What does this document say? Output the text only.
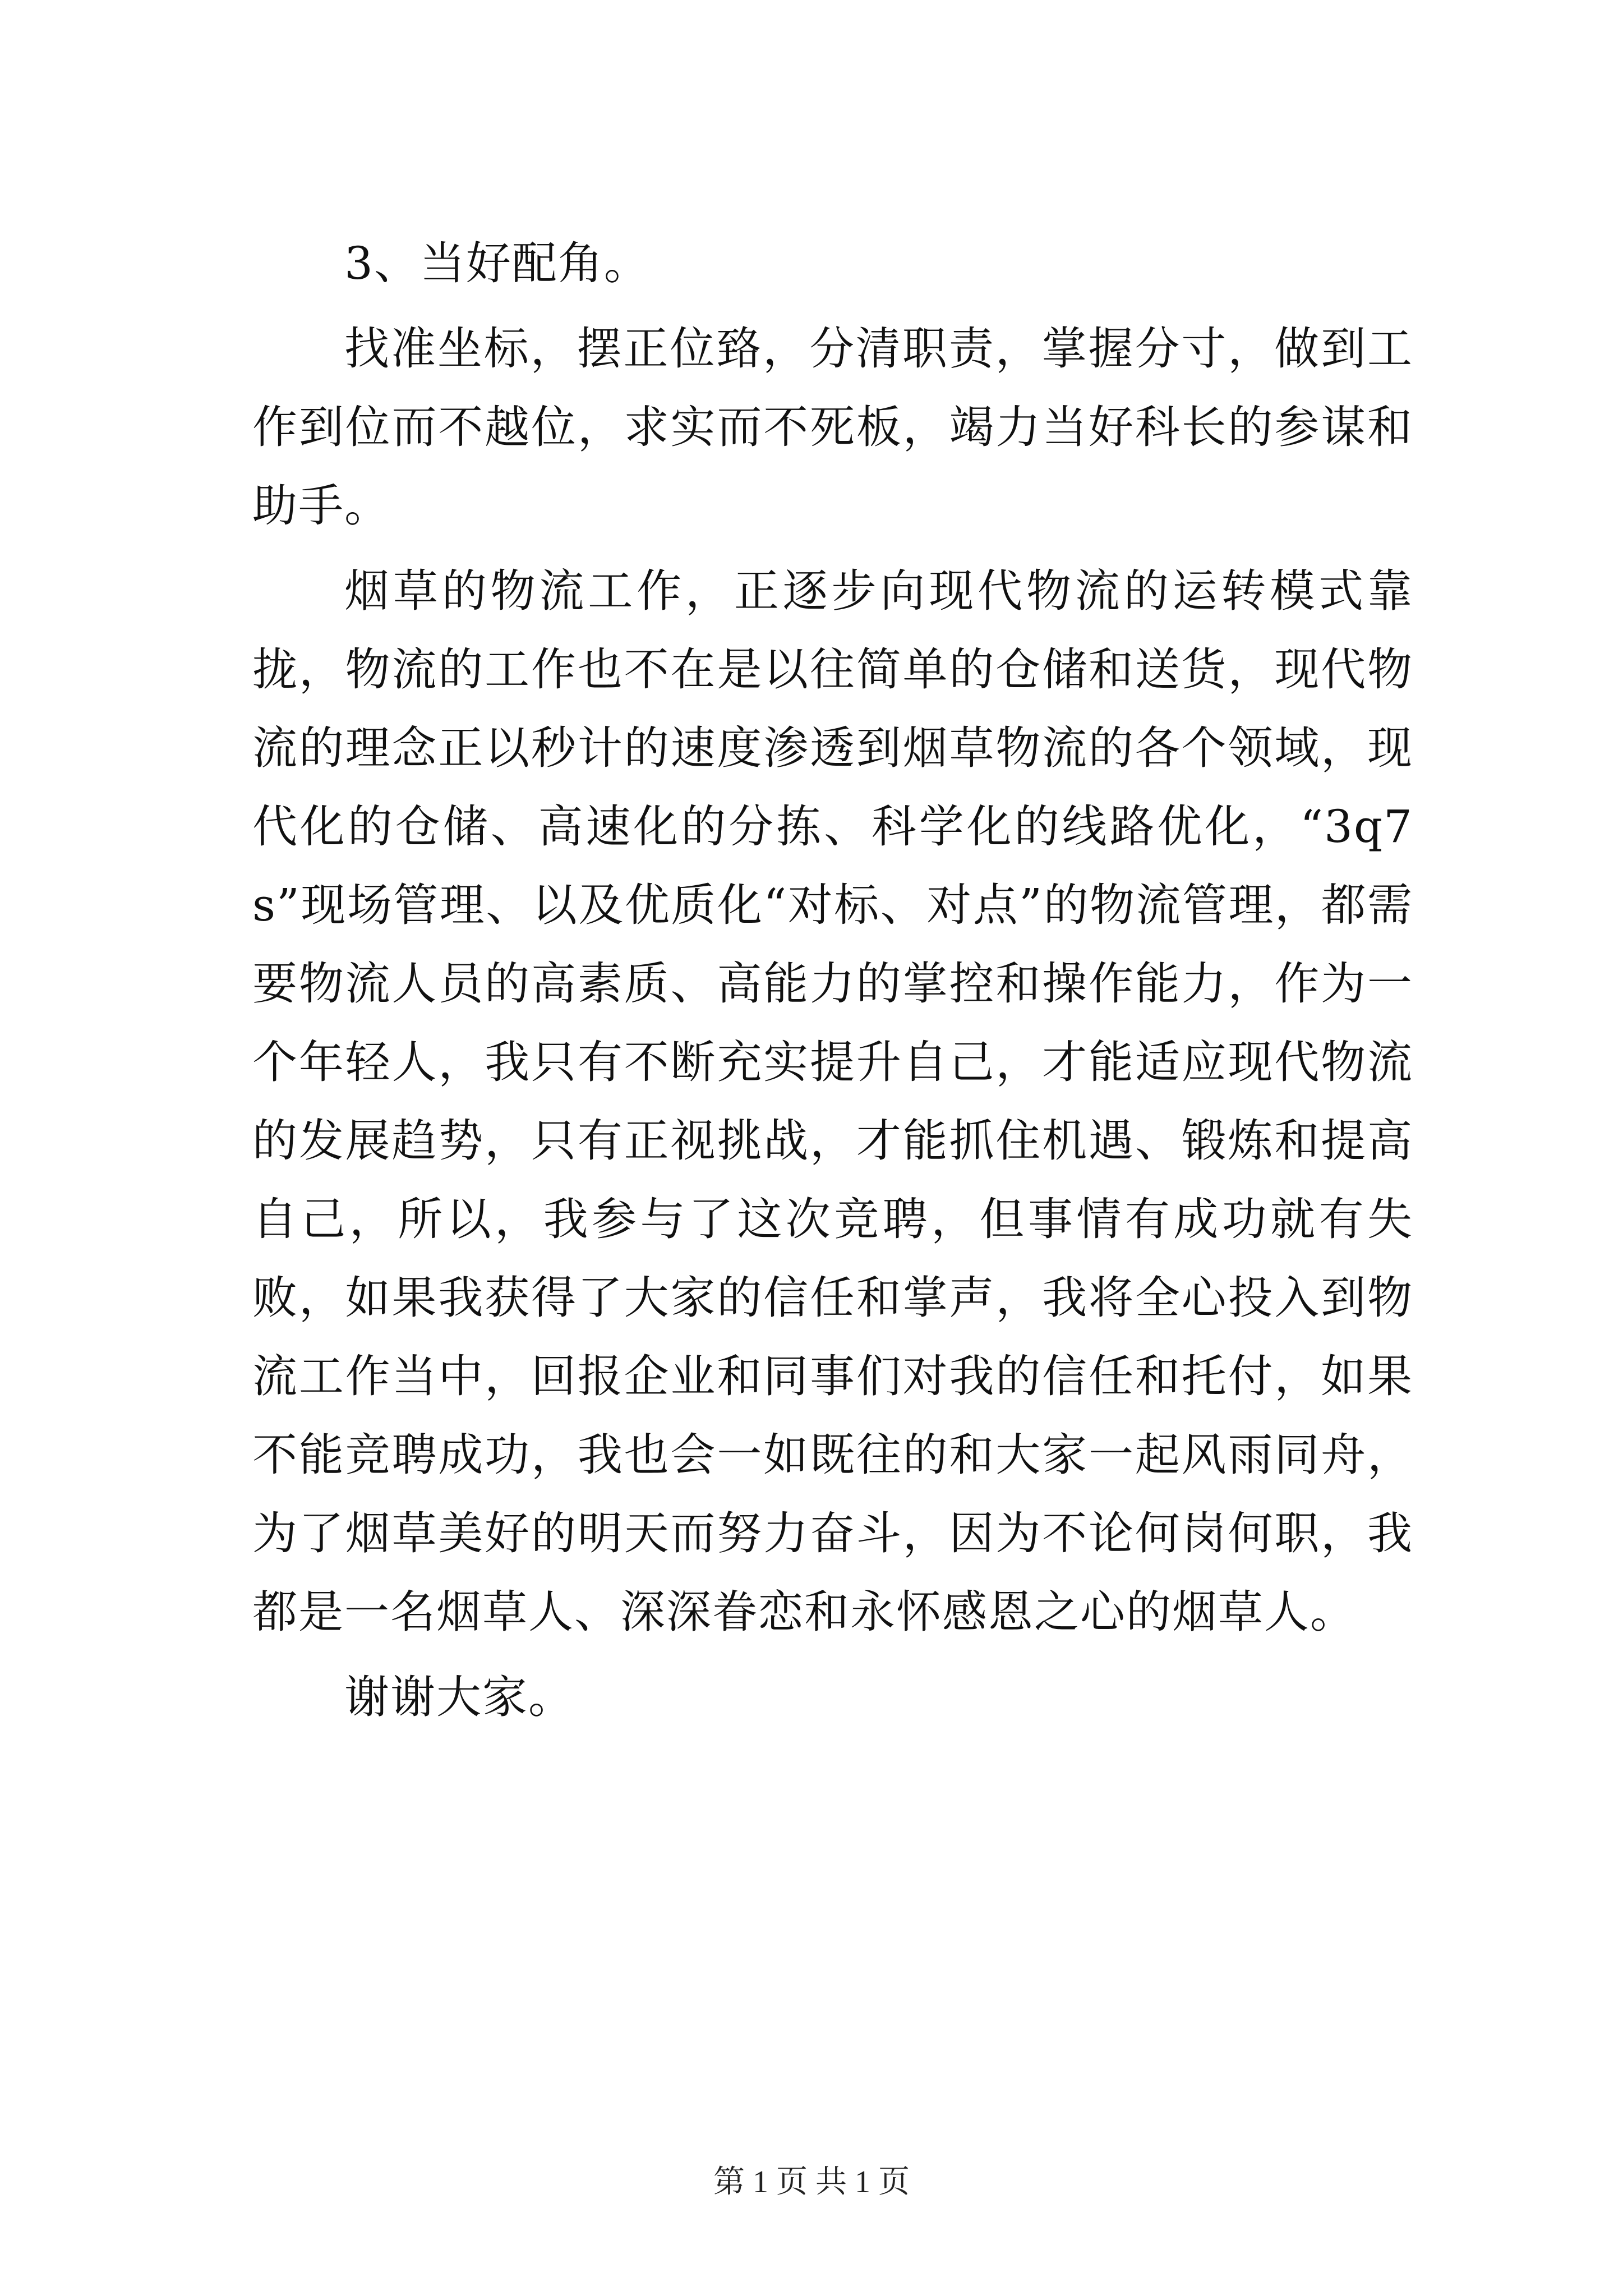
3、当好配角。

找准坐标，摆正位臵，分清职责，掌握分寸，做到工作到位而不越位，求实而不死板，竭力当好科长的参谋和助手。

烟草的物流工作，正逐步向现代物流的运转模式靠拢，物流的工作也不在是以往简单的仓储和送货，现代物流的理念正以秒计的速度渗透到烟草物流的各个领域，现代化的仓储、高速化的分拣、科学化的线路优化，“3q7s”现场管理、以及优质化“对标、对点”的物流管理，都需要物流人员的高素质、高能力的掌控和操作能力，作为一个年轻人，我只有不断充实提升自己，才能适应现代物流的发展趋势，只有正视挑战，才能抓住机遇、锻炼和提高自己，所以，我参与了这次竞聘，但事情有成功就有失败，如果我获得了大家的信任和掌声，我将全心投入到物流工作当中，回报企业和同事们对我的信任和托付，如果不能竞聘成功，我也会一如既往的和大家一起风雨同舟，为了烟草美好的明天而努力奋斗，因为不论何岗何职，我都是一名烟草人、深深眷恋和永怀感恩之心的烟草人。

谢谢大家。

第 1 页 共 1 页
